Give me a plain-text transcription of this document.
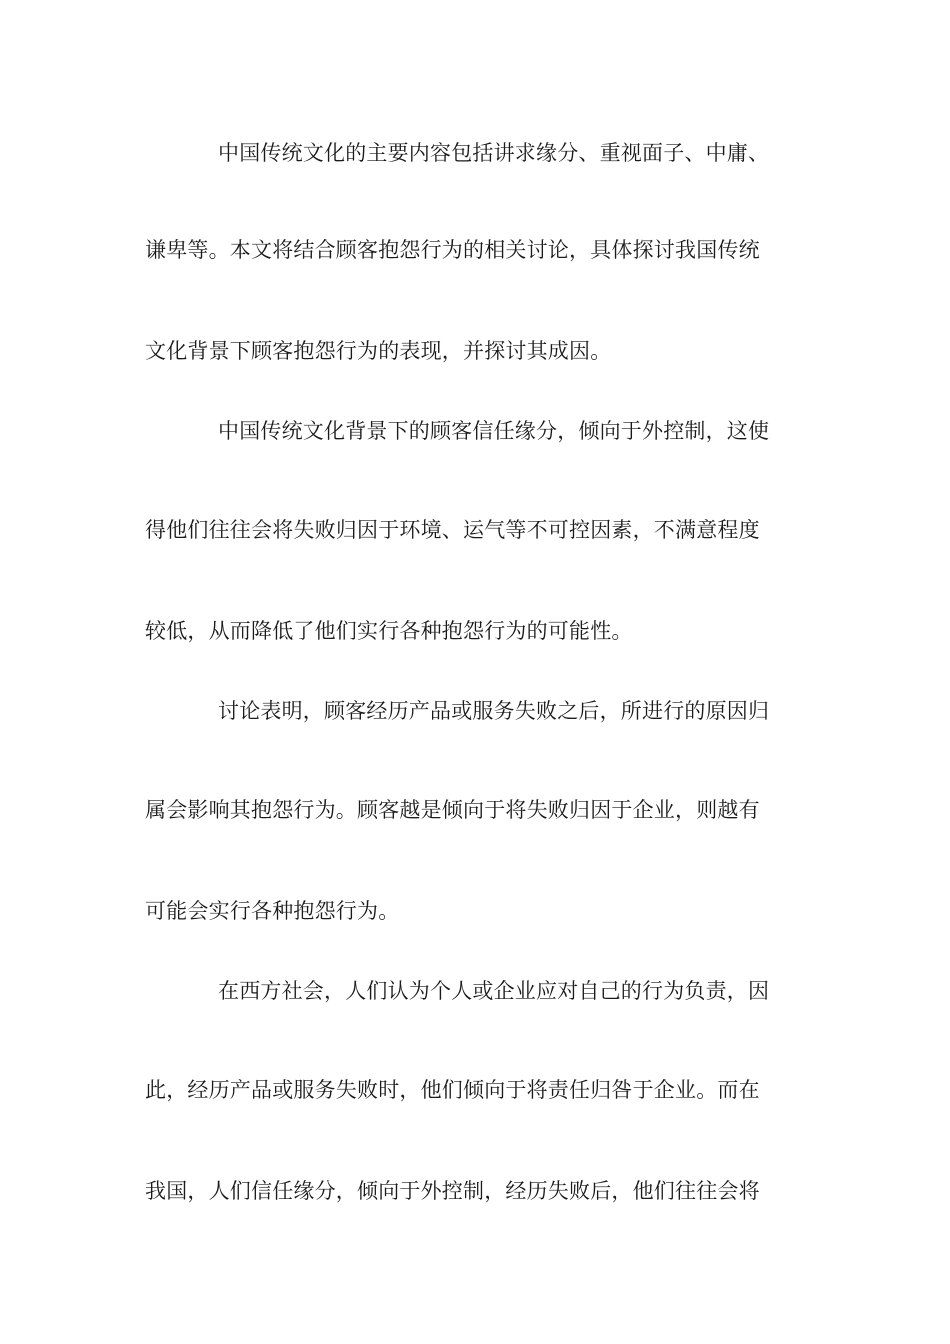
中国传统文化的主要内容包括讲求缘分、重视面子、中庸、
谦卑等。本文将结合顾客抱怨行为的相关讨论，具体探讨我国传统
文化背景下顾客抱怨行为的表现，并探讨其成因。
中国传统文化背景下的顾客信任缘分，倾向于外控制，这使
得他们往往会将失败归因于环境、运气等不可控因素，不满意程度
较低，从而降低了他们实行各种抱怨行为的可能性。
讨论表明，顾客经历产品或服务失败之后，所进行的原因归
属会影响其抱怨行为。顾客越是倾向于将失败归因于企业，则越有
可能会实行各种抱怨行为。
在西方社会，人们认为个人或企业应对自己的行为负责，因
此，经历产品或服务失败时，他们倾向于将责任归咎于企业。而在
我国，人们信任缘分，倾向于外控制，经历失败后，他们往往会将
